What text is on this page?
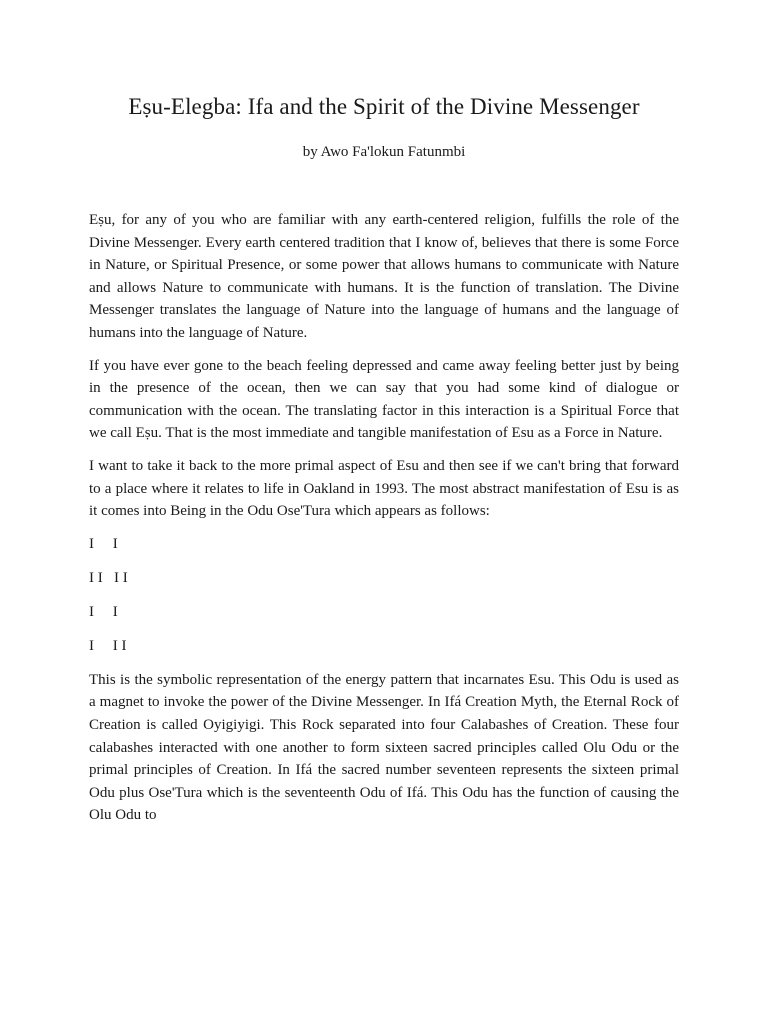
Eṣu-Elegba: Ifa and the Spirit of the Divine Messenger
by Awo Fa'lokun Fatunmbi

Eṣu, for any of you who are familiar with any earth-centered religion, fulfills the role of the Divine Messenger. Every earth centered tradition that I know of, believes that there is some Force in Nature, or Spiritual Presence, or some power that allows humans to communicate with Nature and allows Nature to communicate with humans. It is the function of translation. The Divine Messenger translates the language of Nature into the language of humans and the language of humans into the language of Nature.

If you have ever gone to the beach feeling depressed and came away feeling better just by being in the presence of the ocean, then we can say that you had some kind of dialogue or communication with the ocean. The translating factor in this interaction is a Spiritual Force that we call Eṣu. That is the most immediate and tangible manifestation of Esu as a Force in Nature.

I want to take it back to the more primal aspect of Esu and then see if we can't bring that forward to a place where it relates to life in Oakland in 1993. The most abstract manifestation of Esu is as it comes into Being in the Odu Ose'Tura which appears as follows:

I     I
I I   I I
I     I
I     I I

This is the symbolic representation of the energy pattern that incarnates Esu. This Odu is used as a magnet to invoke the power of the Divine Messenger. In Ifá Creation Myth, the Eternal Rock of Creation is called Oyigiyigi. This Rock separated into four Calabashes of Creation. These four calabashes interacted with one another to form sixteen sacred principles called Olu Odu or the primal principles of Creation. In Ifá the sacred number seventeen represents the sixteen primal Odu plus Ose'Tura which is the seventeenth Odu of Ifá. This Odu has the function of causing the Olu Odu to
